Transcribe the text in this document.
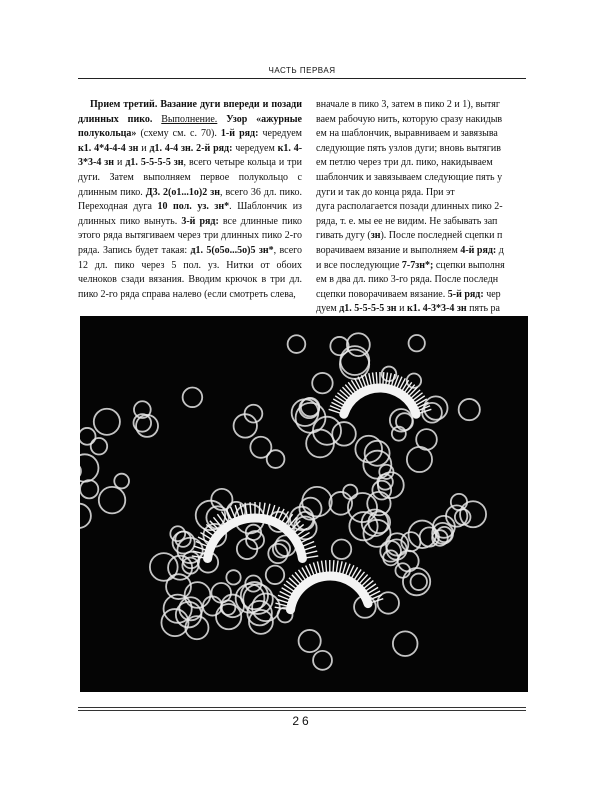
ЧАСТЬ ПЕРВАЯ

Прием третий. Вазание дуги впереди и позади длинных пико. Выполнение. Узор «ажурные полукольца» (схему см. с. 70). 1-й ряд: чередуем к1. 4*4-4-4 зн и д1. 4-4 зн. 2-й ряд: чередуем к1. 4-3*3-4 зн и д1. 5-5-5-5 зн, всего четыре кольца и три дуги. Затем выполняем первое полукольцо с длинным пико. Д3. 2(о1...1о)2 зн, всего 36 дл. пико. Переходная дуга 10 пол. уз. зн*. Шаблончик из длинных пико вынуть. 3-й ряд: все длинные пико этого ряда вытягиваем через три длинных пико 2-го ряда. Запись будет такая: д1. 5(о5о...5о)5 зн*, всего 12 дл. пико через 5 пол. уз. Нитки от обоих челноков сзади вязания. Вводим крючок в три дл. пико 2-го ряда справа налево (если смотреть слева,

вначале в пико 3, затем в пико 2 и 1), вытяг

ваем рабочую нить, которую сразу накидыв

ем на шаблончик, выравниваем и завязыва

следующие пять узлов дуги; вновь вытягив

ем петлю через три дл. пико, накидываем

шаблончик и завязываем следующие пять у

дуги и так до конца ряда. При эт

дуга располагается позади длинных пико 2-

ряда, т. е. мы ее не видим. Не забывать зап

гивать дугу (зн). После последней сцепки п

ворачиваем вязание и выполняем 4-й ряд: д

и все последующие 7-7зн*; сцепки выполня

ем в два дл. пико 3-го ряда. После последн

сцепки поворачиваем вязание. 5-й ряд: чер

дуем д1. 5-5-5-5 зн и к1. 4-3*3-4 зн пять ра

26
